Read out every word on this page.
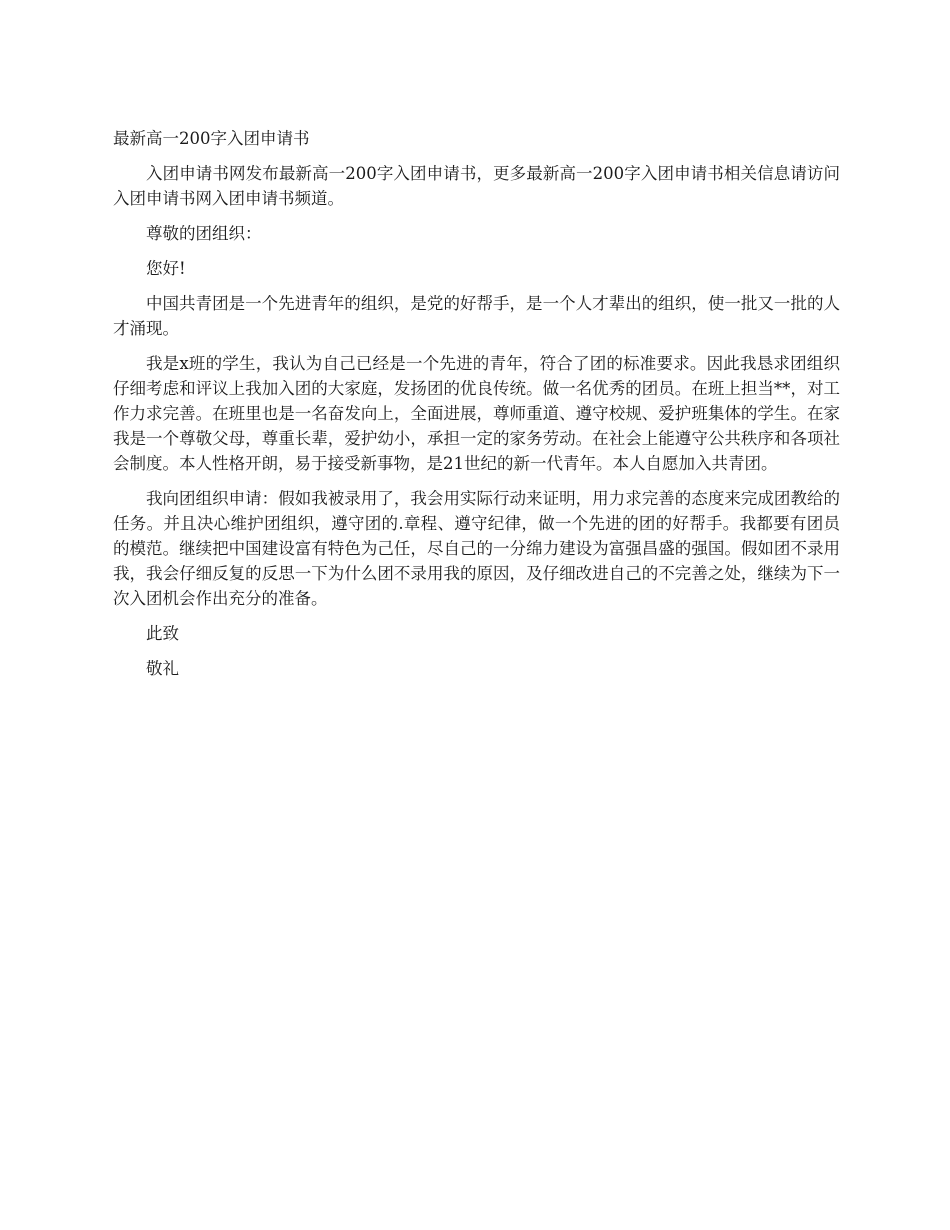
最新高一200字入团申请书

入团申请书网发布最新高一200字入团申请书，更多最新高一200字入团申请书相关信息请访问入团申请书网入团申请书频道。

尊敬的团组织：

您好!

中国共青团是一个先进青年的组织，是党的好帮手，是一个人才辈出的组织，使一批又一批的人才涌现。

我是x班的学生，我认为自己已经是一个先进的青年，符合了团的标准要求。因此我恳求团组织仔细考虑和评议上我加入团的大家庭，发扬团的优良传统。做一名优秀的团员。在班上担当**，对工作力求完善。在班里也是一名奋发向上，全面进展，尊师重道、遵守校规、爱护班集体的学生。在家我是一个尊敬父母，尊重长辈，爱护幼小，承担一定的家务劳动。在社会上能遵守公共秩序和各项社会制度。本人性格开朗，易于接受新事物，是21世纪的新一代青年。本人自愿加入共青团。

我向团组织申请：假如我被录用了，我会用实际行动来证明，用力求完善的态度来完成团教给的任务。并且决心维护团组织，遵守团的.章程、遵守纪律，做一个先进的团的好帮手。我都要有团员的模范。继续把中国建设富有特色为己任，尽自己的一分绵力建设为富强昌盛的强国。假如团不录用我，我会仔细反复的反思一下为什么团不录用我的原因，及仔细改进自己的不完善之处，继续为下一次入团机会作出充分的准备。

此致

敬礼
